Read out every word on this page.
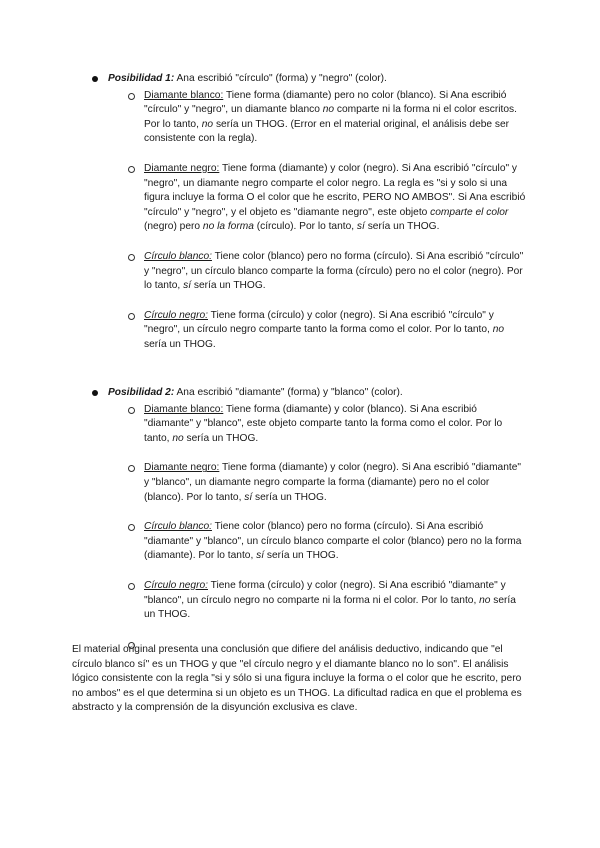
Posibilidad 1: Ana escribió "círculo" (forma) y "negro" (color).
Diamante blanco: Tiene forma (diamante) pero no color (blanco). Si Ana escribió "círculo" y "negro", un diamante blanco no comparte ni la forma ni el color escritos. Por lo tanto, no sería un THOG. (Error en el material original, el análisis debe ser consistente con la regla).
Diamante negro: Tiene forma (diamante) y color (negro). Si Ana escribió "círculo" y "negro", un diamante negro comparte el color negro. La regla es "si y solo si una figura incluye la forma O el color que he escrito, PERO NO AMBOS". Si Ana escribió "círculo" y "negro", y el objeto es "diamante negro", este objeto comparte el color (negro) pero no la forma (círculo). Por lo tanto, sí sería un THOG.
Círculo blanco: Tiene color (blanco) pero no forma (círculo). Si Ana escribió "círculo" y "negro", un círculo blanco comparte la forma (círculo) pero no el color (negro). Por lo tanto, sí sería un THOG.
Círculo negro: Tiene forma (círculo) y color (negro). Si Ana escribió "círculo" y "negro", un círculo negro comparte tanto la forma como el color. Por lo tanto, no sería un THOG.
Posibilidad 2: Ana escribió "diamante" (forma) y "blanco" (color).
Diamante blanco: Tiene forma (diamante) y color (blanco). Si Ana escribió "diamante" y "blanco", este objeto comparte tanto la forma como el color. Por lo tanto, no sería un THOG.
Diamante negro: Tiene forma (diamante) y color (negro). Si Ana escribió "diamante" y "blanco", un diamante negro comparte la forma (diamante) pero no el color (blanco). Por lo tanto, sí sería un THOG.
Círculo blanco: Tiene color (blanco) pero no forma (círculo). Si Ana escribió "diamante" y "blanco", un círculo blanco comparte el color (blanco) pero no la forma (diamante). Por lo tanto, sí sería un THOG.
Círculo negro: Tiene forma (círculo) y color (negro). Si Ana escribió "diamante" y "blanco", un círculo negro no comparte ni la forma ni el color. Por lo tanto, no sería un THOG.
El material original presenta una conclusión que difiere del análisis deductivo, indicando que "el círculo blanco sí" es un THOG y que "el círculo negro y el diamante blanco no lo son". El análisis lógico consistente con la regla "si y sólo si una figura incluye la forma o el color que he escrito, pero no ambos" es el que determina si un objeto es un THOG. La dificultad radica en que el problema es abstracto y la comprensión de la disyunción exclusiva es clave.
